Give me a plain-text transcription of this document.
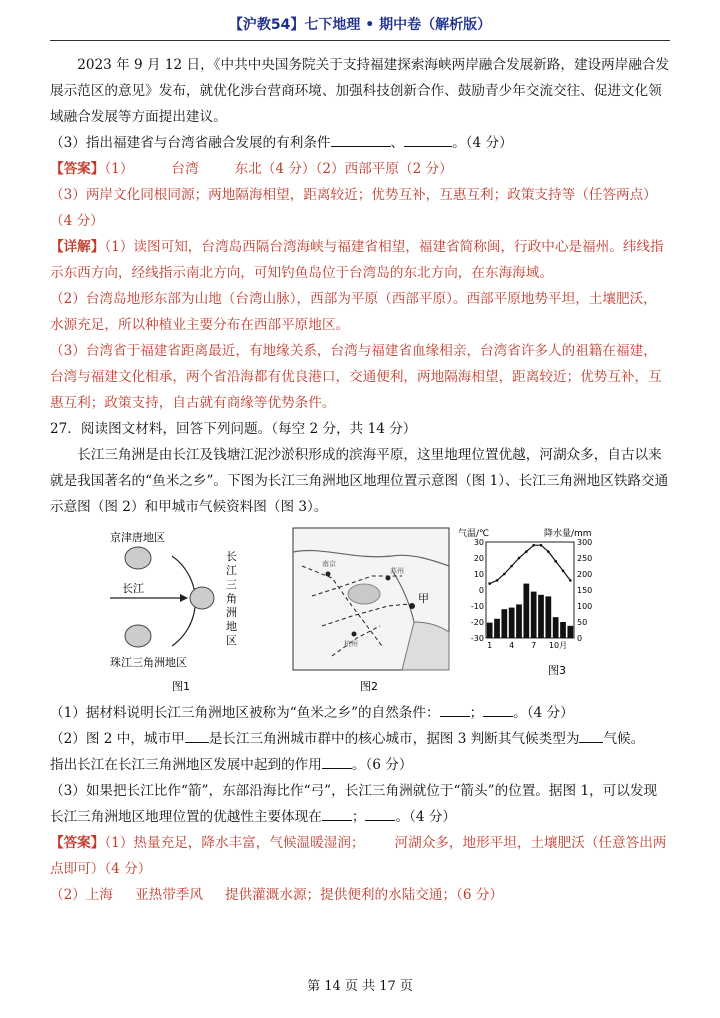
【沪教54】七下地理 • 期中卷（解析版）

2023 年 9 月 12 日，《中共中央国务院关于支持福建探索海峡两岸融合发展新路，建设两岸融合发展示范区的意见》发布，就优化涉台营商环境、加强科技创新合作、鼓励青少年交流交往、促进文化领域融合发展等方面提出建议。

（3）指出福建省与台湾省融合发展的有利条件	、	。（4 分）

【答案】（1）	台湾	东北（4 分）（2）西部平原（2 分）

（3）两岸文化同根同源；两地隔海相望，距离较近；优势互补，互惠互利；政策支持等（任答两点）（4 分）

【详解】（1）读图可知，台湾岛西隔台湾海峡与福建省相望，福建省简称闽，行政中心是福州。纬线指示东西方向，经线指示南北方向，可知钓鱼岛位于台湾岛的东北方向，在东海海域。

（2）台湾岛地形东部为山地（台湾山脉），西部为平原（西部平原）。西部平原地势平坦，土壤肥沃，水源充足，所以种植业主要分布在西部平原地区。

（3）台湾省于福建省距离最近，有地缘关系，台湾与福建省血缘相亲，台湾省许多人的祖籍在福建，台湾与福建文化相承，两个省沿海都有优良港口，交通便利，两地隔海相望，距离较近；优势互补，互惠互利；政策支持，自古就有商缘等优势条件。

27．阅读图文材料，回答下列问题。（每空 2 分，共 14 分）

长江三角洲是由长江及钱塘江泥沙淤积形成的滨海平原，这里地理位置优越，河湖众多，自古以来就是我国著名的“鱼米之乡”。下图为长江三角洲地区地理位置示意图（图 1）、长江三角洲地区铁路交通示意图（图 2）和甲城市气候资料图（图 3）。

京津唐地区
长江
长
江
三
角
洲
地
区
珠江三角洲地区
图1
南京
苏州
杭州
甲
图2
气温/℃	降水量/mm
30
20
10
0
-10
-20
-30
300
250
200
150
100
50
0
1 4 7 10月
图3

（1）据材料说明长江三角洲地区被称为“鱼米之乡”的自然条件： ； 。（4 分）

（2）图 2 中，城市甲 是长江三角洲城市群中的核心城市，据图 3 判断其气候类型为 气候。

指出长江在长江三角洲地区发展中起到的作用 。（6 分）

（3）如果把长江比作“箭”，东部沿海比作“弓”，长江三角洲就位于“箭头”的位置。据图 1，可以发现长江三角洲地区地理位置的优越性主要体现在 ； 。（4 分）

【答案】（1）热量充足，降水丰富，气候温暖湿润； 河湖众多，地形平坦，土壤肥沃（任意答出两点即可）（4 分）

（2）上海 亚热带季风 提供灌溉水源；提供便利的水陆交通；（6 分）

第 14 页 共 17 页
